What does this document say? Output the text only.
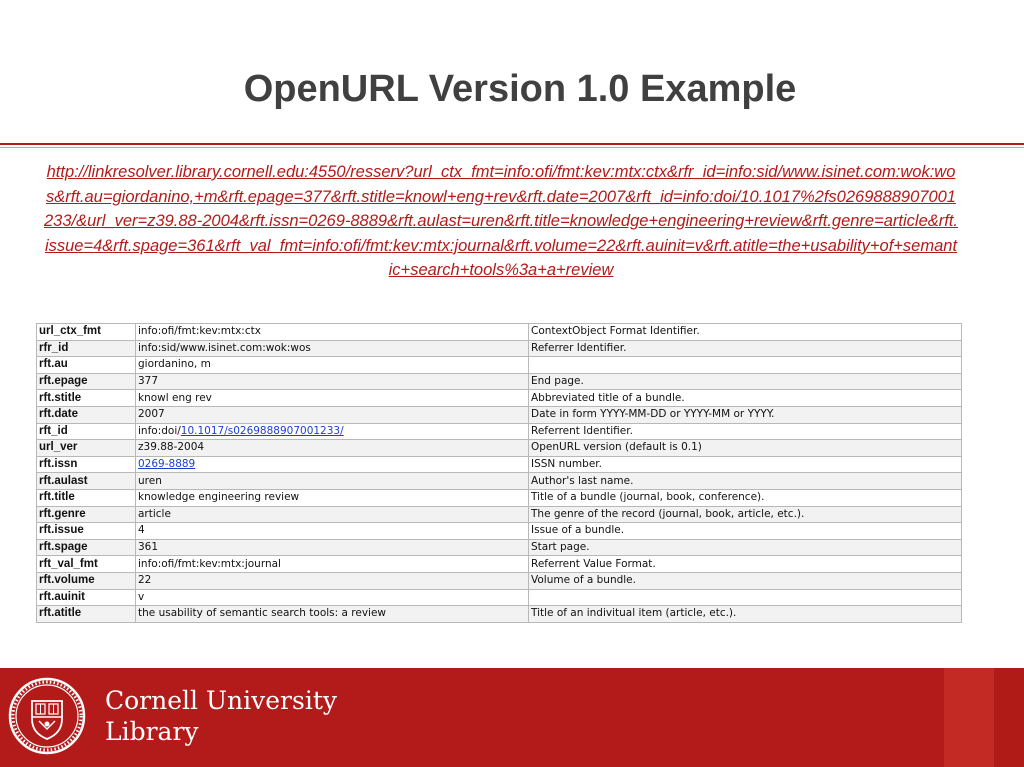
OpenURL Version 1.0 Example
http://linkresolver.library.cornell.edu:4550/resserv?url_ctx_fmt=info:ofi/fmt:kev:mtx:ctx&rfr_id=info:sid/www.isinet.com:wok:wos&rft.au=giordanino,+m&rft.epage=377&rft.stitle=knowl+eng+rev&rft.date=2007&rft_id=info:doi/10.1017%2fs0269888907001233/&url_ver=z39.88-2004&rft.issn=0269-8889&rft.aulast=uren&rft.title=knowledge+engineering+review&rft.genre=article&rft.issue=4&rft.spage=361&rft_val_fmt=info:ofi/fmt:kev:mtx:journal&rft.volume=22&rft.auinit=v&rft.atitle=the+usability+of+semantic+search+tools%3a+a+review
url_ctx_fmt	info:ofi/fmt:kev:mtx:ctx	ContextObject Format Identifier.
rfr_id	info:sid/www.isinet.com:wok:wos	Referrer Identifier.
rft.au	giordanino, m	
rft.epage	377	End page.
rft.stitle	knowl eng rev	Abbreviated title of a bundle.
rft.date	2007	Date in form YYYY-MM-DD or YYYY-MM or YYYY.
rft_id	info:doi/10.1017/s0269888907001233/	Referrent Identifier.
url_ver	z39.88-2004	OpenURL version (default is 0.1)
rft.issn	0269-8889	ISSN number.
rft.aulast	uren	Author's last name.
rft.title	knowledge engineering review	Title of a bundle (journal, book, conference).
rft.genre	article	The genre of the record (journal, book, article, etc.).
rft.issue	4	Issue of a bundle.
rft.spage	361	Start page.
rft_val_fmt	info:ofi/fmt:kev:mtx:journal	Referrent Value Format.
rft.volume	22	Volume of a bundle.
rft.auinit	v	
rft.atitle	the usability of semantic search tools: a review	Title of an indivitual item (article, etc.).
Cornell University
Library
